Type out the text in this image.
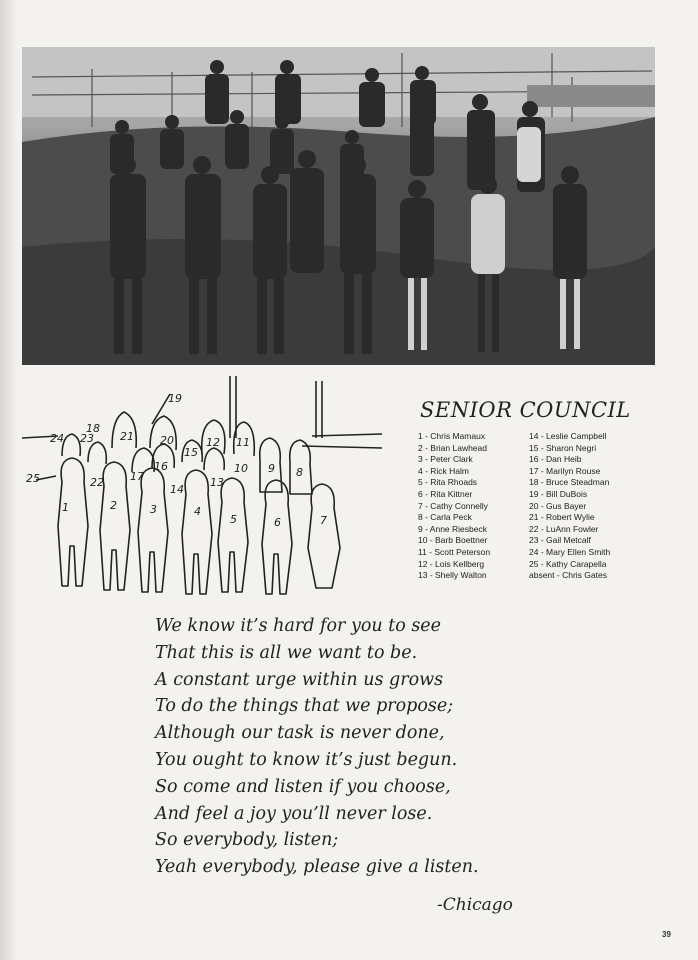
1	2	3	4
5	6	7
8
9
10
11
12
13
14
15
16
17
18
19
20
21
22
23
24
25
SENIOR COUNCIL
1 - Chris Mamaux
2 - Brian Lawhead
3 - Peter Clark
4 - Rick Halm
5 - Rita Rhoads
6 - Rita Kittner
7 - Cathy Connelly
8 - Carla Peck
9 - Anne Riesbeck
10 - Barb Boettner
11 - Scott Peterson
12 - Lois Kellberg
13 - Shelly Walton
14 - Leslie Campbell
15 - Sharon Negri
16 - Dan Heib
17 - Marilyn Rouse
18 - Bruce Steadman
19 - Bill DuBois
20 - Gus Bayer
21 - Robert Wylie
22 - LuAnn Fowler
23 - Gail Metcalf
24 - Mary Ellen Smith
25 - Kathy Carapella
absent - Chris Gates
We know it’s hard for you to see
That this is all we want to be.
A constant urge within us grows
To do the things that we propose;
Although our task is never done,
You ought to know it’s just begun.
So come and listen if you choose,
And feel a joy you’ll never lose.
So everybody, listen;
Yeah everybody, please give a listen.

-Chicago

39
